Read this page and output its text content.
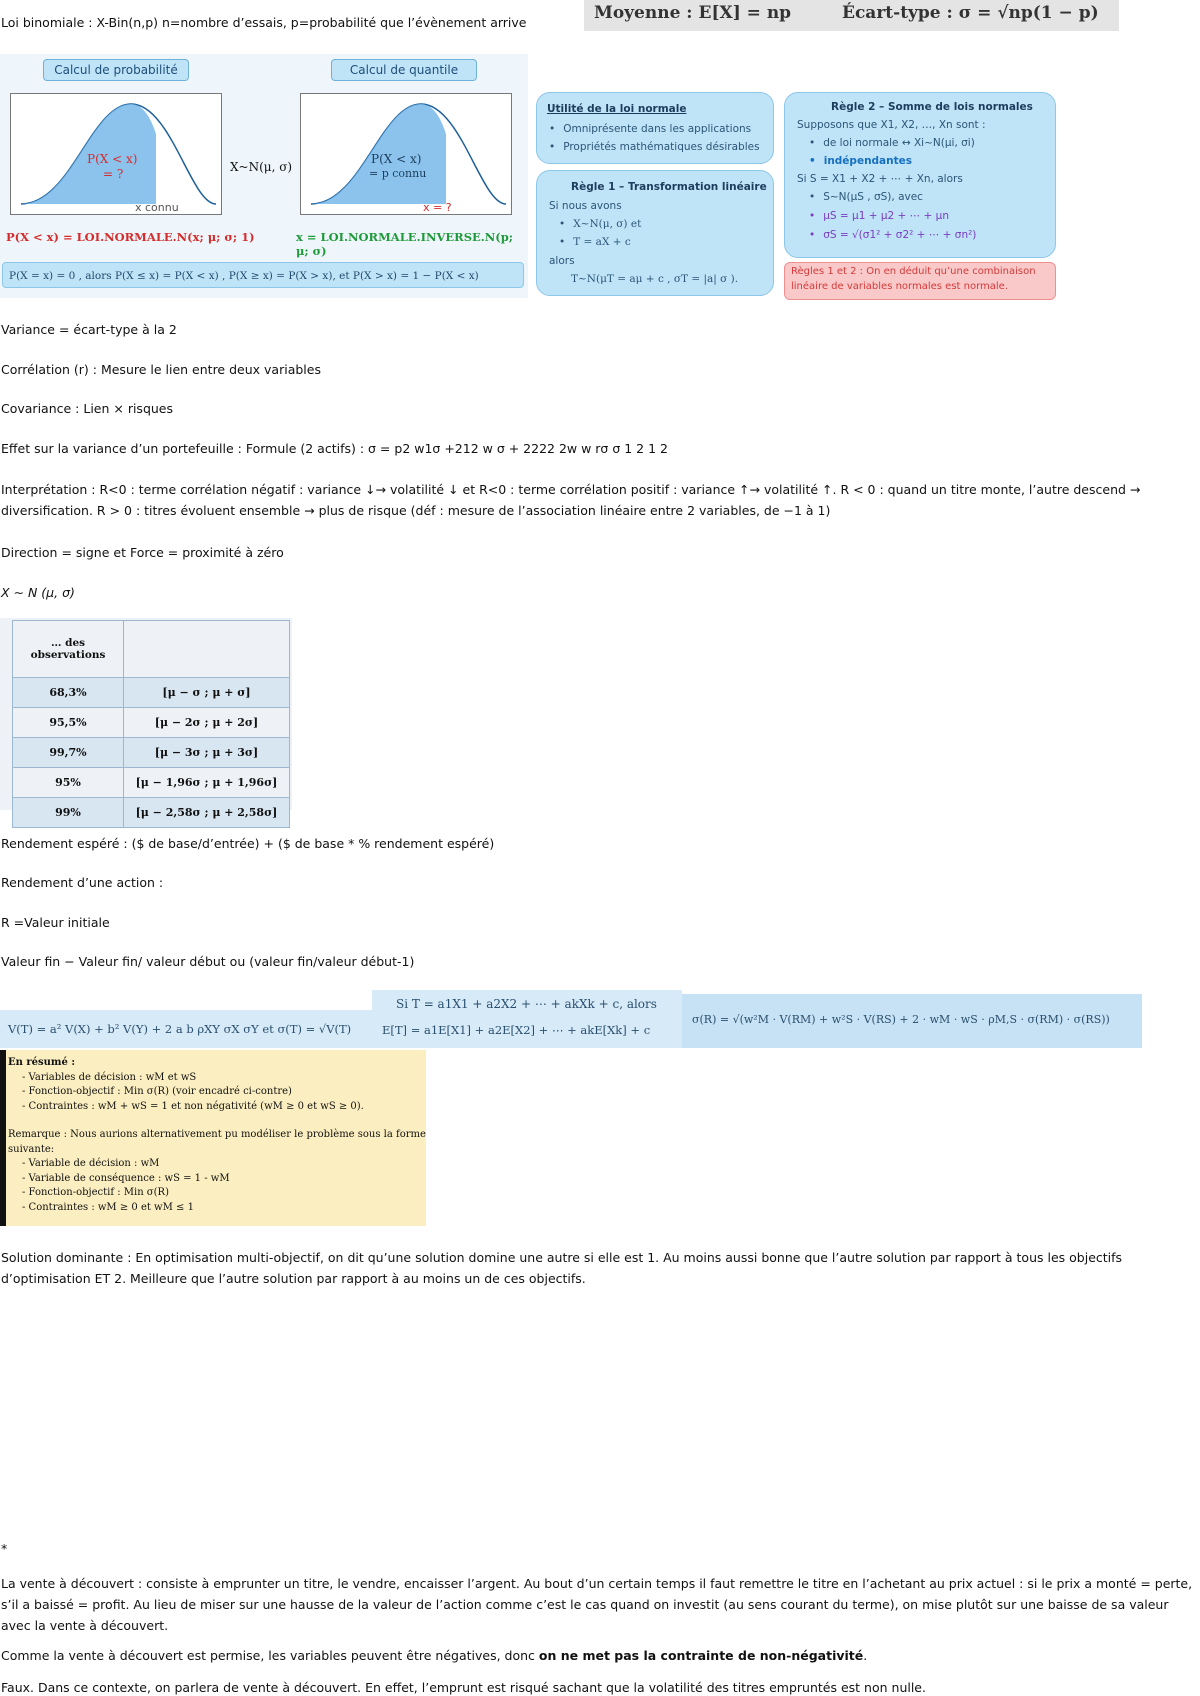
Loi binomiale : X-Bin(n,p) n=nombre d’essais, p=probabilité que l’évènement arrive	Moyenne : E[X] = np	Écart-type : σ = √np(1 − p)
Calcul de probabilité	Calcul de quantile
P(X < x)
= ?
x connu
X~N(μ, σ)
P(X < x)
= p connu
x = ?
P(X < x) = LOI.NORMALE.N(x; μ; σ; 1)	x = LOI.NORMALE.INVERSE.N(p; μ; σ)
P(X = x) = 0 , alors P(X ≤ x) = P(X < x) , P(X ≥ x) = P(X > x), et P(X > x) = 1 − P(X < x)
Utilité de la loi normale
• Omniprésente dans les applications
• Propriétés mathématiques désirables
Règle 1 – Transformation linéaire
Si nous avons
• X~N(μ, σ) et
• T = aX + c
alors
T~N(μT = aμ + c , σT = |a| σ ).
Règle 2 – Somme de lois normales
Supposons que X1, X2, …, Xn sont :
• de loi normale ↔ Xi~N(μi, σi)
• indépendantes
Si S = X1 + X2 + ⋯ + Xn, alors
• S~N(μS , σS), avec
• μS = μ1 + μ2 + ⋯ + μn
• σS = √(σ1² + σ2² + ⋯ + σn²)
Règles 1 et 2 : On en déduit qu’une combinaison
linéaire de variables normales est normale.
Variance = écart-type à la 2
Corrélation (r) : Mesure le lien entre deux variables
Covariance : Lien × risques
Effet sur la variance d’un portefeuille : Formule (2 actifs) : σ = p2 w1σ +212 w σ + 2222 2w w rσ σ 1 2 1 2
Interprétation : R<0 : terme corrélation négatif : variance ↓→ volatilité ↓ et R<0 : terme corrélation positif : variance ↑→ volatilité ↑. R < 0 : quand un titre monte, l’autre descend → diversification. R > 0 : titres évoluent ensemble → plus de risque (déf : mesure de l’association linéaire entre 2 variables, de −1 à 1)
Direction = signe et Force = proximité à zéro
X ∼ N (μ, σ)
… des observations	
68,3%	[μ − σ ; μ + σ]
95,5%	[μ − 2σ ; μ + 2σ]
99,7%	[μ − 3σ ; μ + 3σ]
95%	[μ − 1,96σ ; μ + 1,96σ]
99%	[μ − 2,58σ ; μ + 2,58σ]
Rendement espéré : ($ de base/d’entrée) + ($ de base * % rendement espéré)
Rendement d’une action :
R =Valeur initiale
Valeur fin − Valeur fin/ valeur début ou (valeur fin/valeur début-1)
V(T) = a² V(X) + b² V(Y) + 2 a b ρXY σX σY et σ(T) = √V(T)
Si T = a1X1 + a2X2 + ⋯ + akXk + c, alors
E[T] = a1E[X1] + a2E[X2] + ⋯ + akE[Xk] + c
σ(R) = √(w²M · V(RM) + w²S · V(RS) + 2 · wM · wS · ρM,S · σ(RM) · σ(RS))
En résumé :
- Variables de décision : wM et wS
- Fonction-objectif : Min σ(R) (voir encadré ci-contre)
- Contraintes : wM + wS = 1 et non négativité (wM ≥ 0 et wS ≥ 0).
Remarque : Nous aurions alternativement pu modéliser le problème sous la forme suivante:
- Variable de décision : wM
- Variable de conséquence : wS = 1 - wM
- Fonction-objectif : Min σ(R)
- Contraintes : wM ≥ 0 et wM ≤ 1
Solution dominante : En optimisation multi-objectif, on dit qu’une solution domine une autre si elle est 1. Au moins aussi bonne que l’autre solution par rapport à tous les objectifs d’optimisation ET 2. Meilleure que l’autre solution par rapport à au moins un de ces objectifs.
*
La vente à découvert : consiste à emprunter un titre, le vendre, encaisser l’argent. Au bout d’un certain temps il faut remettre le titre en l’achetant au prix actuel : si le prix a monté = perte, s’il a baissé = profit. Au lieu de miser sur une hausse de la valeur de l’action comme c’est le cas quand on investit (au sens courant du terme), on mise plutôt sur une baisse de sa valeur avec la vente à découvert.
Comme la vente à découvert est permise, les variables peuvent être négatives, donc on ne met pas la contrainte de non-négativité.
Faux. Dans ce contexte, on parlera de vente à découvert. En effet, l’emprunt est risqué sachant que la volatilité des titres empruntés est non nulle.
